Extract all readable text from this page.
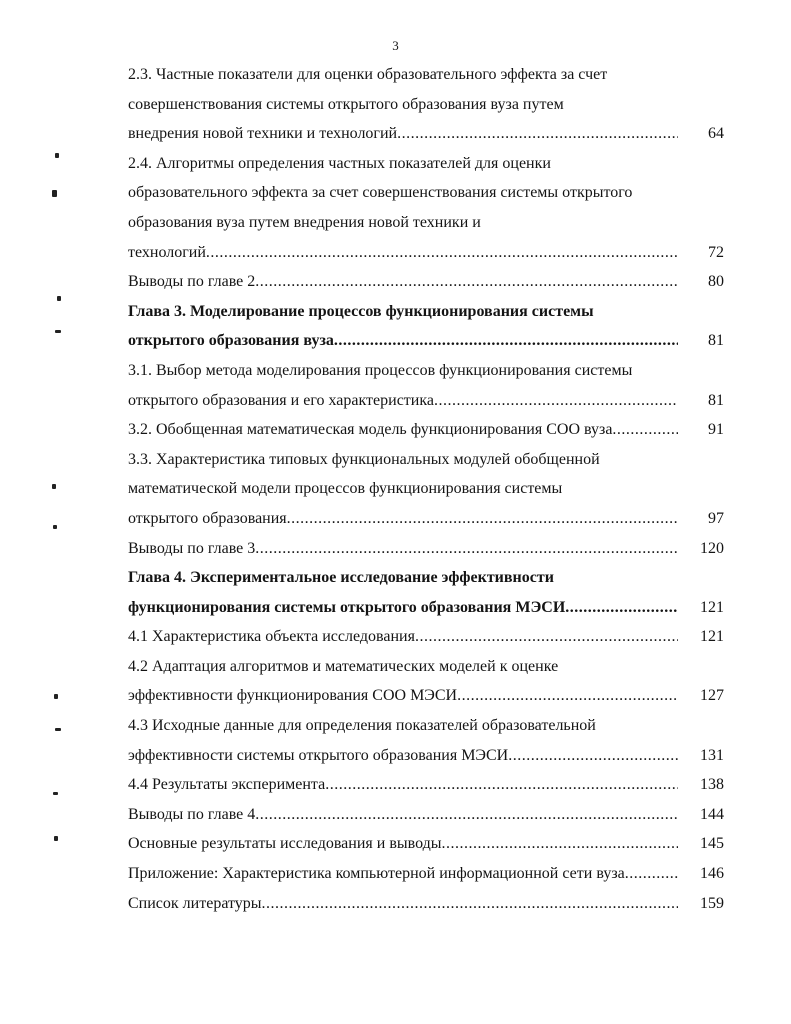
3
2.3. Частные показатели для оценки образовательного эффекта за счет
совершенствования системы открытого образования вуза путем
внедрения новой техники и технологий .....	64
2.4. Алгоритмы определения частных показателей для оценки
образовательного эффекта за счет совершенствования системы открытого
образования вуза путем внедрения новой техники и
технологий .....	72
Выводы по главе 2 .....	80
Глава 3. Моделирование процессов функционирования системы
открытого образования вуза .....	81
3.1. Выбор метода моделирования процессов функционирования системы
открытого образования и его характеристика .....	81
3.2. Обобщенная математическая модель функционирования СОО вуза .....	91
3.3. Характеристика типовых функциональных модулей обобщенной
математической модели процессов функционирования системы
открытого образования .....	97
Выводы по главе 3 .....	120
Глава 4. Экспериментальное исследование эффективности
функционирования системы открытого образования МЭСИ .....	121
4.1 Характеристика объекта исследования .....	121
4.2 Адаптация алгоритмов и математических моделей к оценке
эффективности функционирования СОО МЭСИ .....	127
4.3 Исходные данные для определения показателей образовательной
эффективности системы открытого образования МЭСИ .....	131
4.4 Результаты эксперимента .....	138
Выводы по главе 4 .....	144
Основные результаты исследования и выводы .....	145
Приложение: Характеристика компьютерной информационной сети вуза .....	146
Список литературы .....	159
